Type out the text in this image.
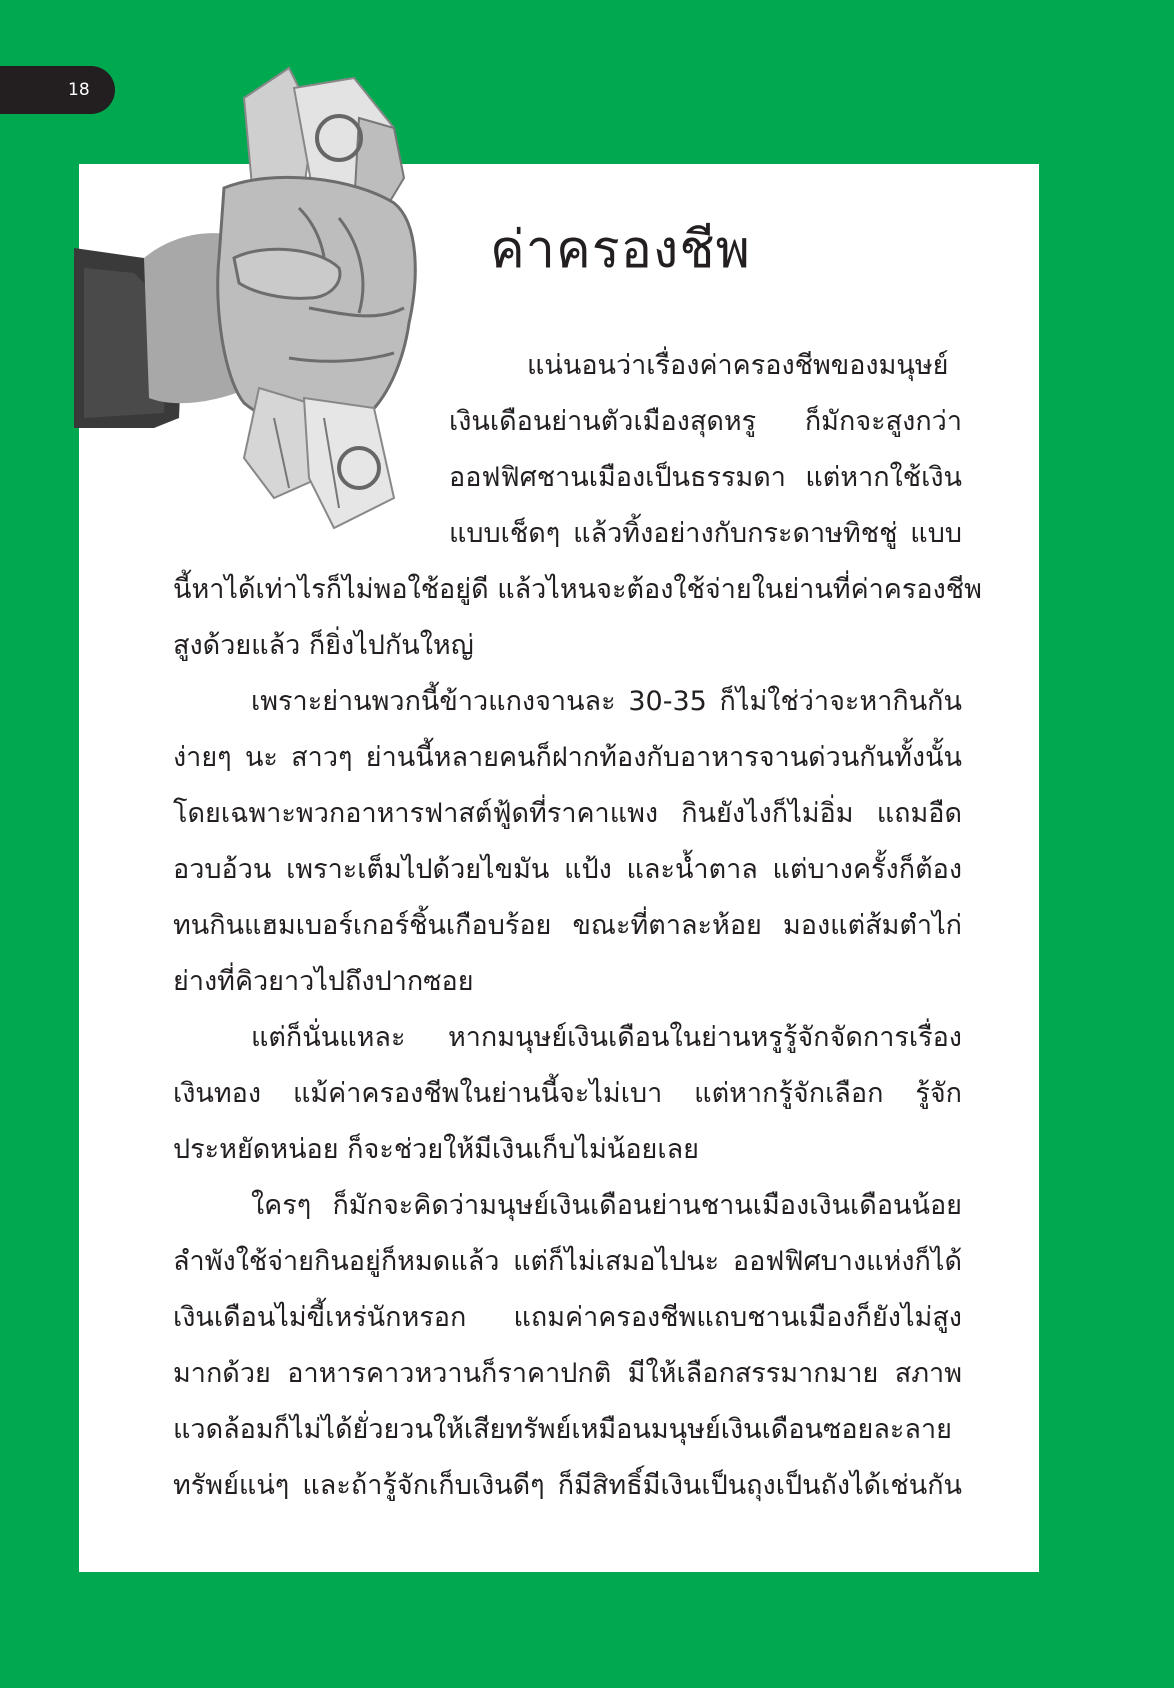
18
ค่าครองชีพ

แน่นอนว่าเรื่องค่าครองชีพของมนุษย์

เงินเดือนย่านตัวเมืองสุดหรู ก็มักจะสูงกว่า

ออฟฟิศชานเมืองเป็นธรรมดา แต่หากใช้เงิน

แบบเช็ดๆ แล้วทิ้งอย่างกับกระดาษทิชชู่ แบบ

นี้หาได้เท่าไรก็ไม่พอใช้อยู่ดี แล้วไหนจะต้องใช้จ่ายในย่านที่ค่าครองชีพ

สูงด้วยแล้ว ก็ยิ่งไปกันใหญ่

เพราะย่านพวกนี้ข้าวแกงจานละ 30-35 ก็ไม่ใช่ว่าจะหากินกัน

ง่ายๆ นะ สาวๆ ย่านนี้หลายคนก็ฝากท้องกับอาหารจานด่วนกันทั้งนั้น

โดยเฉพาะพวกอาหารฟาสต์ฟู้ดที่ราคาแพง กินยังไงก็ไม่อิ่ม แถมอืด

อวบอ้วน เพราะเต็มไปด้วยไขมัน แป้ง และน้ำตาล แต่บางครั้งก็ต้อง

ทนกินแฮมเบอร์เกอร์ชิ้นเกือบร้อย ขณะที่ตาละห้อย มองแต่ส้มตำไก่

ย่างที่คิวยาวไปถึงปากซอย

แต่ก็นั่นแหละ หากมนุษย์เงินเดือนในย่านหรูรู้จักจัดการเรื่อง

เงินทอง แม้ค่าครองชีพในย่านนี้จะไม่เบา แต่หากรู้จักเลือก รู้จัก

ประหยัดหน่อย ก็จะช่วยให้มีเงินเก็บไม่น้อยเลย

ใครๆ ก็มักจะคิดว่ามนุษย์เงินเดือนย่านชานเมืองเงินเดือนน้อย

ลำพังใช้จ่ายกินอยู่ก็หมดแล้ว แต่ก็ไม่เสมอไปนะ ออฟฟิศบางแห่งก็ได้

เงินเดือนไม่ขี้เหร่นักหรอก แถมค่าครองชีพแถบชานเมืองก็ยังไม่สูง

มากด้วย อาหารคาวหวานก็ราคาปกติ มีให้เลือกสรรมากมาย สภาพ

แวดล้อมก็ไม่ได้ยั่วยวนให้เสียทรัพย์เหมือนมนุษย์เงินเดือนซอยละลาย

ทรัพย์แน่ๆ และถ้ารู้จักเก็บเงินดีๆ ก็มีสิทธิ์มีเงินเป็นถุงเป็นถังได้เช่นกัน
